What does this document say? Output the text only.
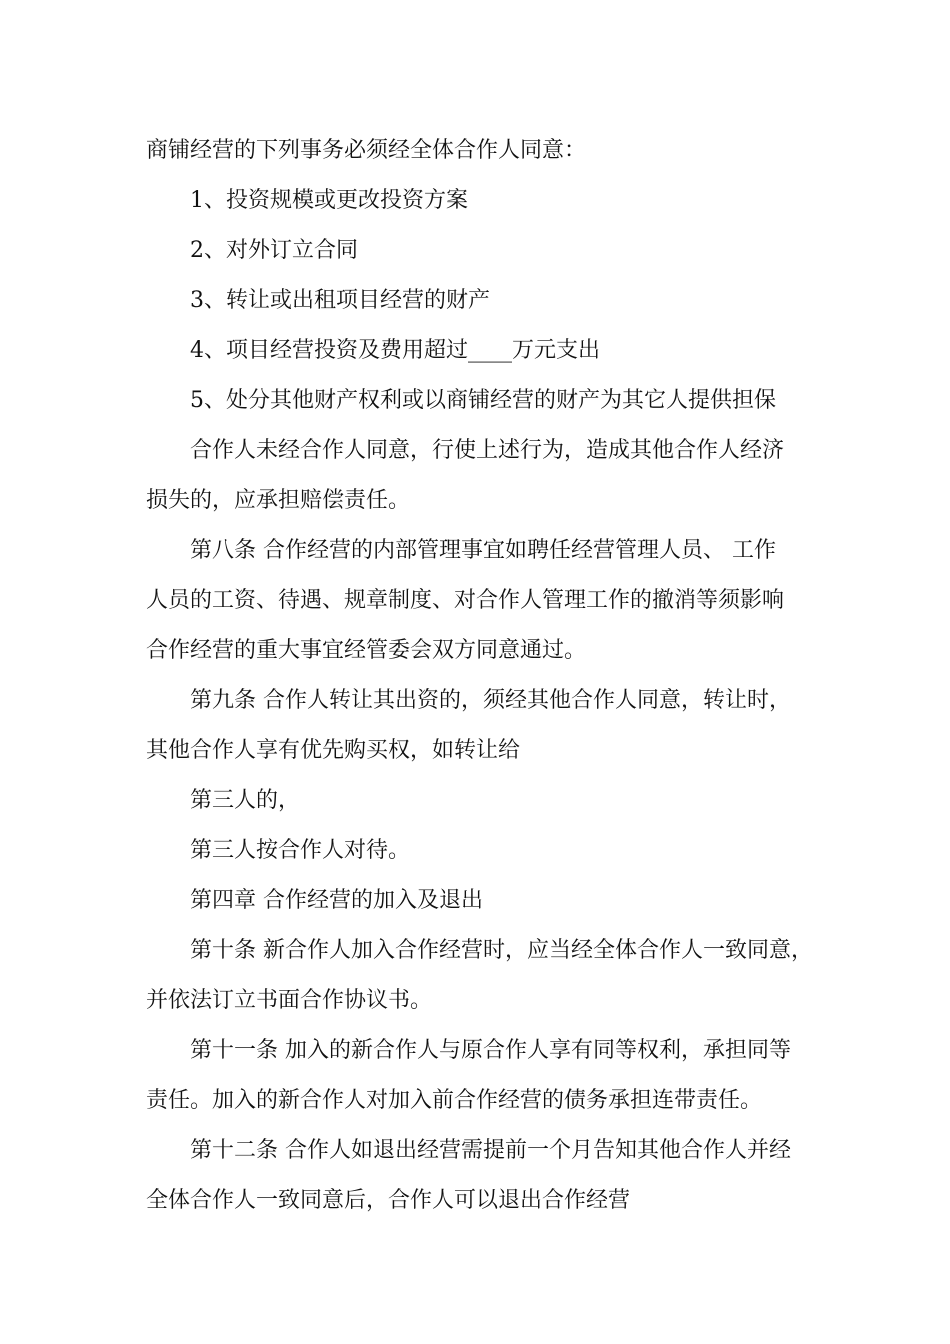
商铺经营的下列事务必须经全体合作人同意：

1、投资规模或更改投资方案

2、对外订立合同

3、转让或出租项目经营的财产

4、项目经营投资及费用超过____万元支出

5、处分其他财产权利或以商铺经营的财产为其它人提供担保

合作人未经合作人同意，行使上述行为，造成其他合作人经济

损失的，应承担赔偿责任。

第八条 合作经营的内部管理事宜如聘任经营管理人员、 工作

人员的工资、待遇、规章制度、对合作人管理工作的撤消等须影响

合作经营的重大事宜经管委会双方同意通过。

第九条 合作人转让其出资的，须经其他合作人同意，转让时，

其他合作人享有优先购买权，如转让给

第三人的，

第三人按合作人对待。

第四章 合作经营的加入及退出

第十条 新合作人加入合作经营时，应当经全体合作人一致同意，

并依法订立书面合作协议书。

第十一条 加入的新合作人与原合作人享有同等权利，承担同等

责任。加入的新合作人对加入前合作经营的债务承担连带责任。

第十二条 合作人如退出经营需提前一个月告知其他合作人并经

全体合作人一致同意后，合作人可以退出合作经营
